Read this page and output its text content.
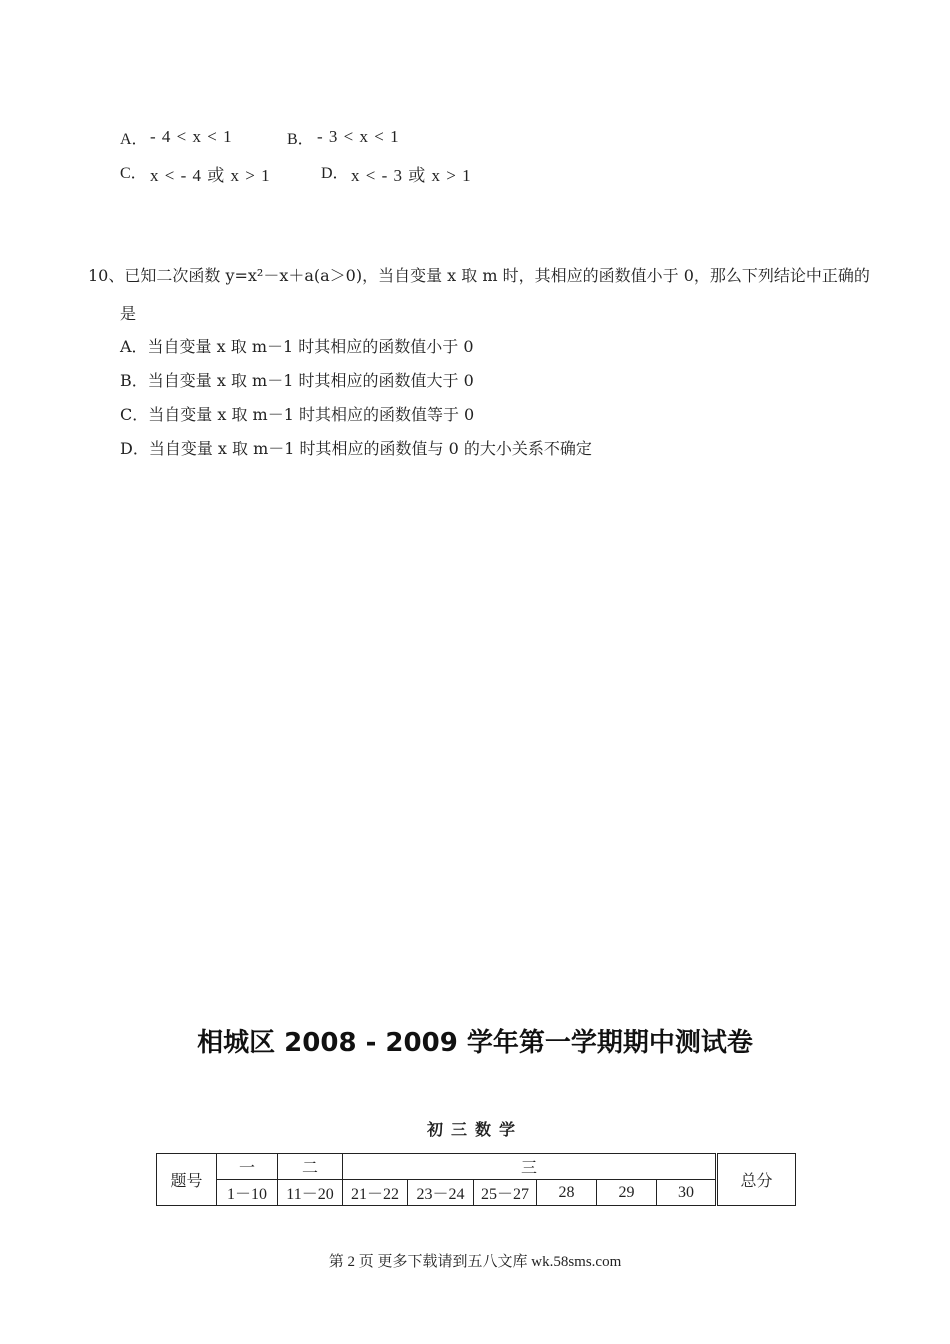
A． - 4 < x < 1	B． - 3 < x < 1
C． x < - 4 或 x > 1	D． x < - 3 或 x > 1
10、已知二次函数 y=x²－x＋a(a＞0)，当自变量 x 取 m 时，其相应的函数值小于 0，那么下列结论中正确的
是
A．当自变量 x 取 m－1 时其相应的函数值小于 0
B．当自变量 x 取 m－1 时其相应的函数值大于 0
C．当自变量 x 取 m－1 时其相应的函数值等于 0
D．当自变量 x 取 m－1 时其相应的函数值与 0 的大小关系不确定
相城区 2008 - 2009 学年第一学期期中测试卷
初三数学
题号	一	二	三						总分
	1－10	11－20	21－22	23－24	25－27	28	29	30	
第 2 页 更多下载请到五八文库 wk.58sms.com
